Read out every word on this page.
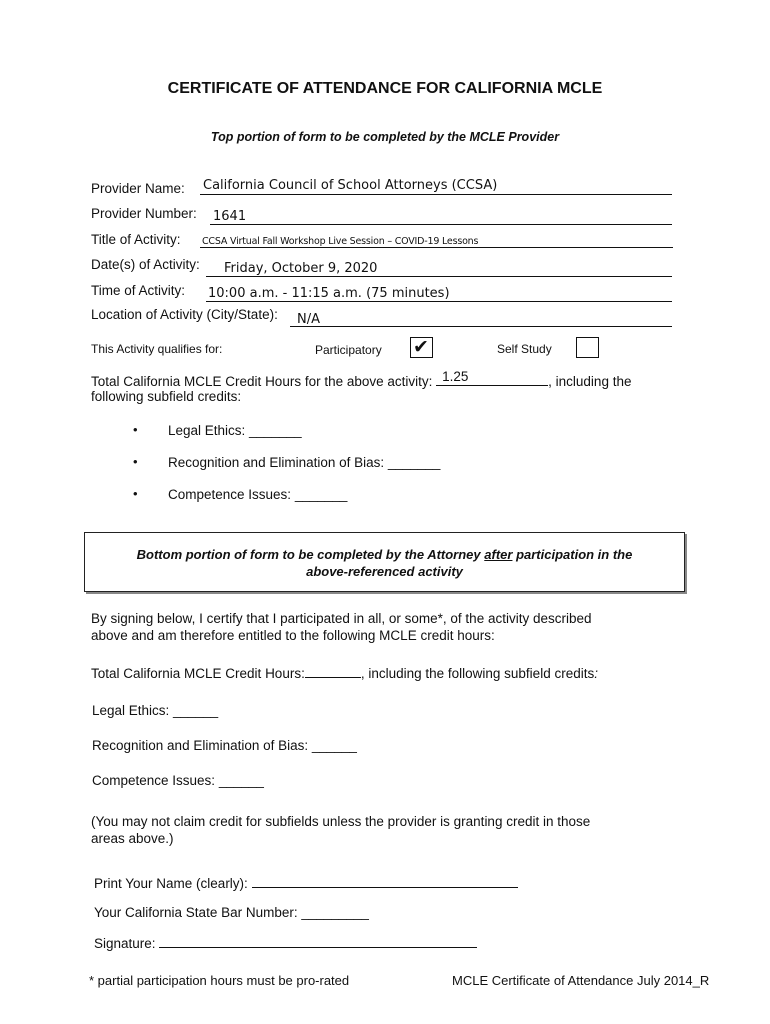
CERTIFICATE OF ATTENDANCE FOR CALIFORNIA MCLE
Top portion of form to be completed by the MCLE Provider
Provider Name: California Council of School Attorneys (CCSA)
Provider Number: 1641
Title of Activity: CCSA Virtual Fall Workshop Live Session – COVID-19 Lessons
Date(s) of Activity: Friday, October 9, 2020
Time of Activity: 10:00 a.m. - 11:15 a.m. (75 minutes)
Location of Activity (City/State): N/A
This Activity qualifies for:	Participatory ✔	Self Study
Total California MCLE Credit Hours for the above activity: 1.25	, including the
following subfield credits:
• Legal Ethics: _______
• Recognition and Elimination of Bias: _______
• Competence Issues: _______
Bottom portion of form to be completed by the Attorney after participation in the
above-referenced activity
By signing below, I certify that I participated in all, or some*, of the activity described
above and am therefore entitled to the following MCLE credit hours:
Total California MCLE Credit Hours:	, including the following subfield credits:
Legal Ethics: ______
Recognition and Elimination of Bias: ______
Competence Issues: ______
(You may not claim credit for subfields unless the provider is granting credit in those
areas above.)
Print Your Name (clearly):
Your California State Bar Number: _________
Signature:
* partial participation hours must be pro-rated	MCLE Certificate of Attendance July 2014_R
